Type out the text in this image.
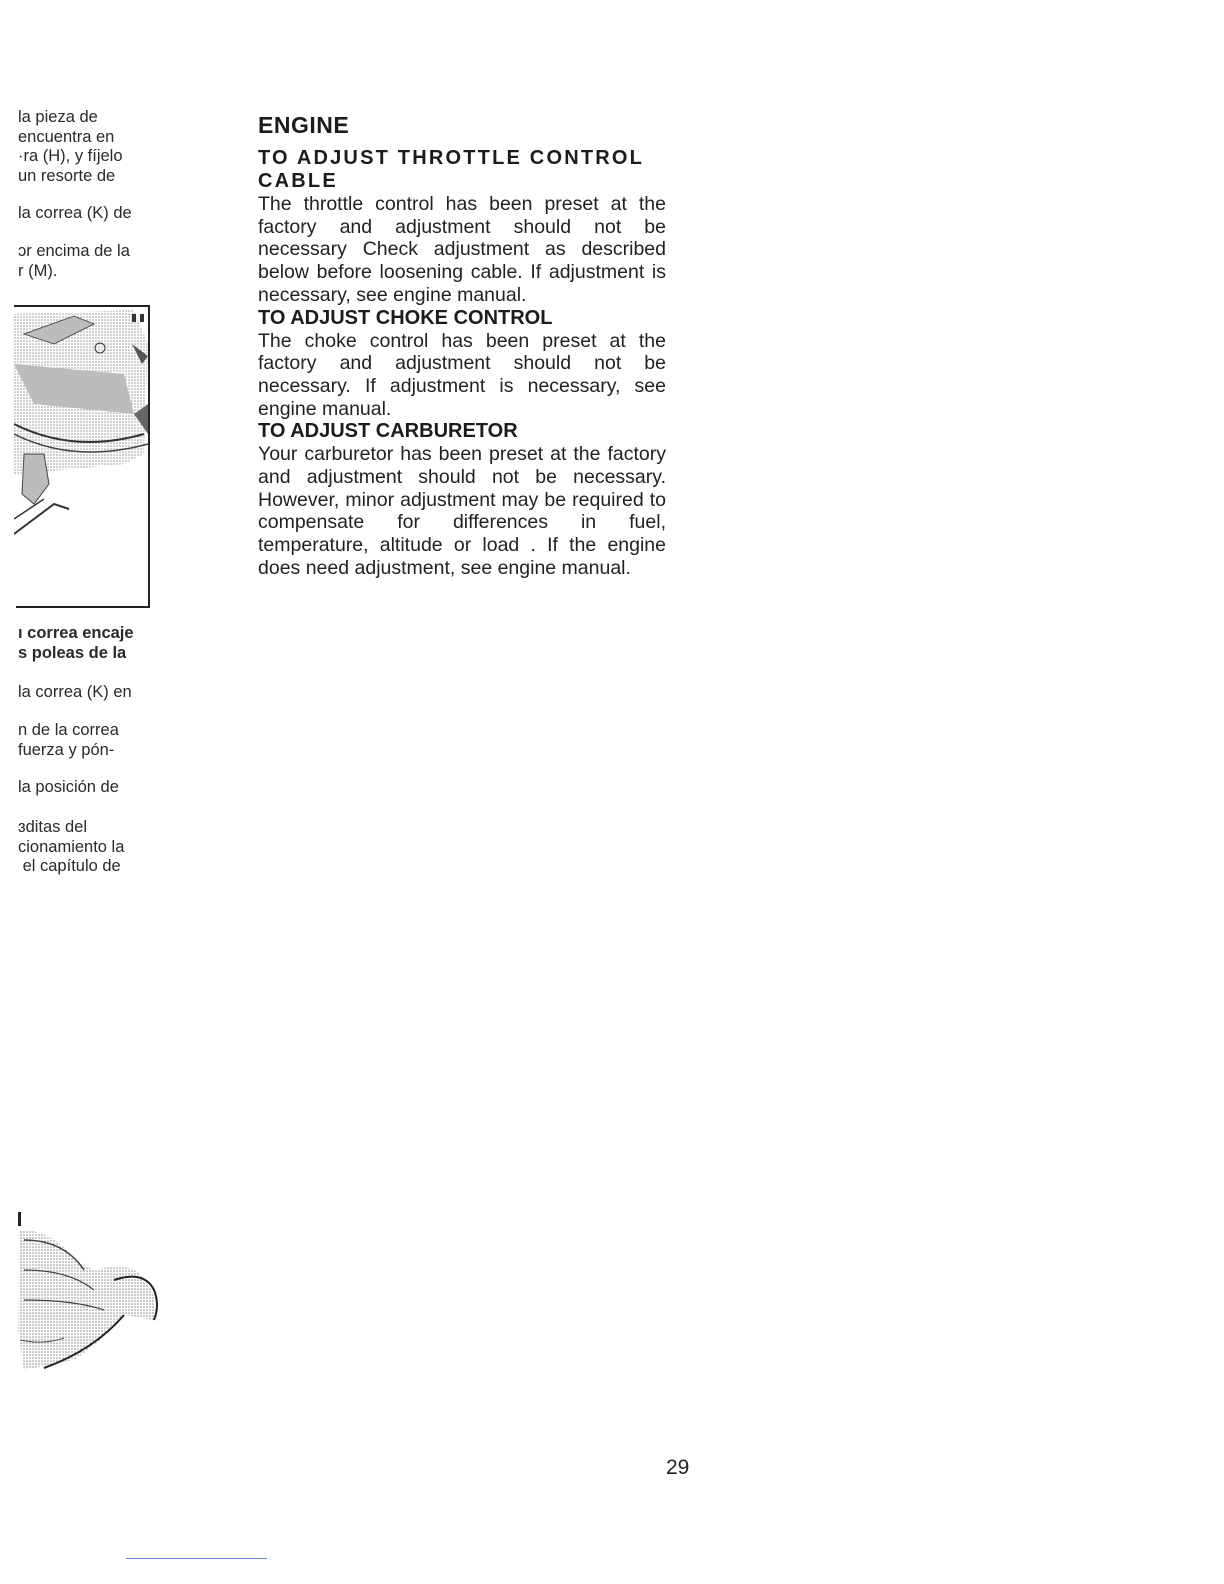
la pieza de
encuentra en
·ra (H), y fíjelo
un resorte de

la correa (K) de

ɔr encima de la
r (M).

ı correa encaje
s poleas de la

la correa (K) en

n de la correa
fuerza y pón-

la posición de

ɜditas del
cionamiento la
el capítulo de

ENGINE
TO ADJUST THROTTLE CONTROL CABLE

The throttle control has been preset at the factory and adjustment should not be necessary Check adjustment as described below before loosening cable. If adjustment is necessary, see engine manual.

TO ADJUST CHOKE CONTROL

The choke control has been preset at the factory and adjustment should not be necessary. If adjustment is necessary, see engine manual.

TO ADJUST CARBURETOR

Your carburetor has been preset at the factory and adjustment should not be necessary. However, minor adjustment may be required to compensate for differences in fuel, temperature, altitude or load . If the engine does need adjustment, see engine manual.

29
